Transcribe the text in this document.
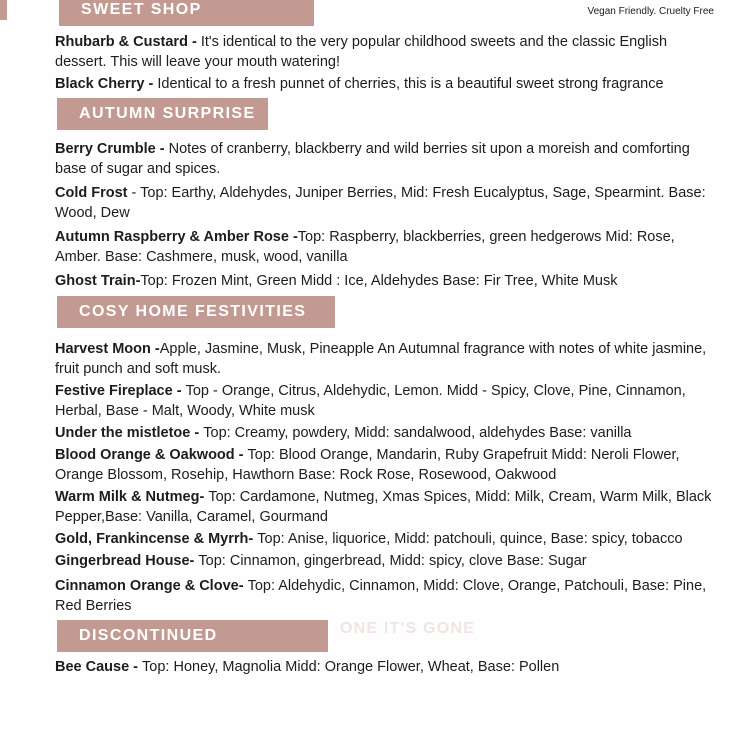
Vegan Friendly. Cruelty Free
SWEET SHOP

Rhubarb & Custard - It's identical to the very popular childhood sweets and the classic English dessert. This will leave your mouth watering!

Black Cherry - Identical to a fresh punnet of cherries, this is a beautiful sweet strong fragrance

AUTUMN SURPRISE

Berry Crumble - Notes of cranberry, blackberry and wild berries sit upon a moreish and comforting base of sugar and spices.

Cold Frost - Top: Earthy, Aldehydes, Juniper Berries, Mid: Fresh Eucalyptus, Sage, Spearmint. Base: Wood, Dew

Autumn Raspberry & Amber Rose -Top: Raspberry, blackberries, green hedgerows Mid: Rose, Amber. Base: Cashmere, musk, wood, vanilla

Ghost Train-Top: Frozen Mint, Green Midd : Ice, Aldehydes Base: Fir Tree, White Musk

COSY HOME FESTIVITIES

Harvest Moon -Apple, Jasmine, Musk, Pineapple An Autumnal fragrance with notes of white jasmine, fruit punch and soft musk.

Festive Fireplace - Top - Orange, Citrus, Aldehydic, Lemon. Midd - Spicy, Clove, Pine, Cinnamon, Herbal, Base - Malt, Woody, White musk

Under the mistletoe - Top: Creamy, powdery, Midd: sandalwood, aldehydes Base: vanilla

Blood Orange & Oakwood - Top: Blood Orange, Mandarin, Ruby Grapefruit Midd: Neroli Flower, Orange Blossom, Rosehip, Hawthorn Base: Rock Rose, Rosewood, Oakwood

Warm Milk & Nutmeg- Top: Cardamone, Nutmeg, Xmas Spices, Midd: Milk, Cream, Warm Milk, Black Pepper,Base: Vanilla, Caramel, Gourmand

Gold, Frankincense & Myrrh- Top: Anise, liquorice, Midd: patchouli, quince, Base: spicy, tobacco

Gingerbread House- Top: Cinnamon, gingerbread, Midd: spicy, clove Base: Sugar

Cinnamon Orange & Clove- Top: Aldehydic, Cinnamon, Midd: Clove, Orange, Patchouli, Base: Pine, Red Berries

DISCONTINUED	ONE IT'S GONE

Bee Cause - Top: Honey, Magnolia Midd: Orange Flower, Wheat, Base: Pollen
